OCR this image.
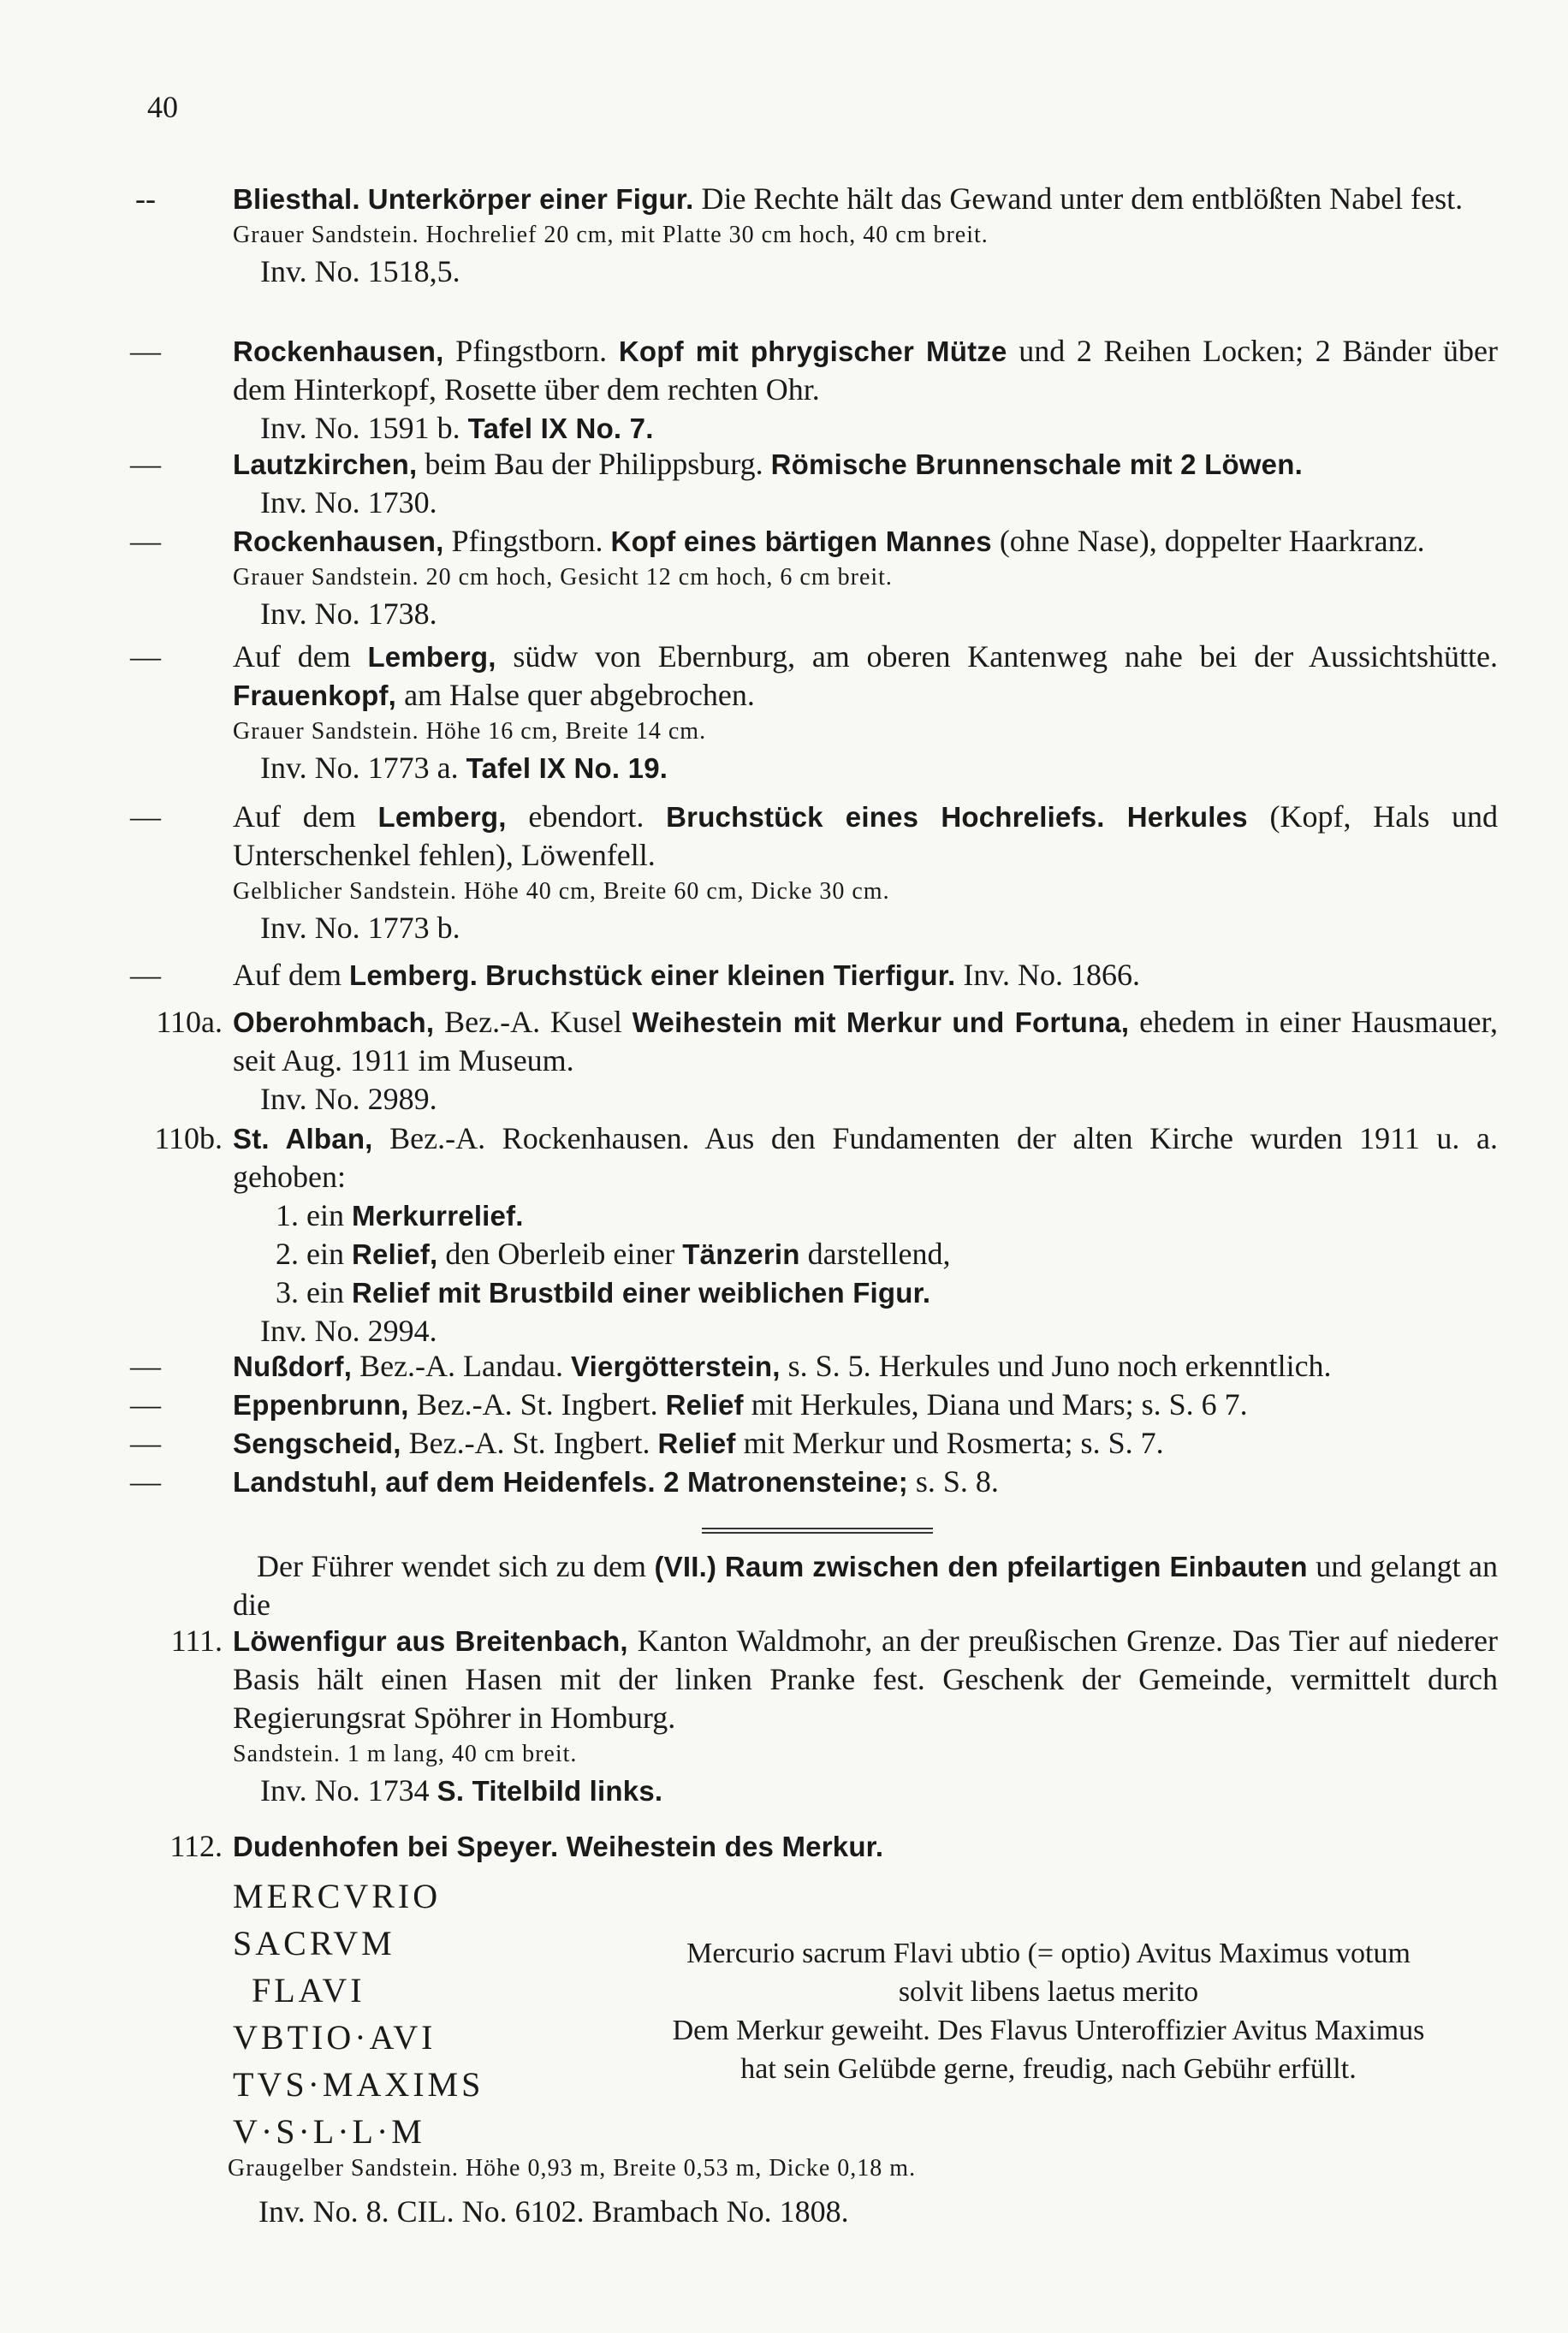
40
--	Bliesthal. Unterkörper einer Figur. Die Rechte hält das Gewand unter dem entblößten Nabel fest.
Grauer Sandstein. Hochrelief 20 cm, mit Platte 30 cm hoch, 40 cm breit.
Inv. No. 1518,5.
—	Rockenhausen, Pfingstborn. Kopf mit phrygischer Mütze und 2 Reihen Locken; 2 Bänder über dem Hinterkopf, Rosette über dem rechten Ohr.
Inv. No. 1591 b. Tafel IX No. 7.
—	Lautzkirchen, beim Bau der Philippsburg. Römische Brunnenschale mit 2 Löwen.
Inv. No. 1730.
—	Rockenhausen, Pfingstborn. Kopf eines bärtigen Mannes (ohne Nase), doppelter Haarkranz.
Grauer Sandstein. 20 cm hoch, Gesicht 12 cm hoch, 6 cm breit.
Inv. No. 1738.
—	Auf dem Lemberg, südw von Ebernburg, am oberen Kantenweg nahe bei der Aussichtshütte. Frauenkopf, am Halse quer abgebrochen.
Grauer Sandstein. Höhe 16 cm, Breite 14 cm.
Inv. No. 1773 a. Tafel IX No. 19.
—	Auf dem Lemberg, ebendort. Bruchstück eines Hochreliefs. Herkules (Kopf, Hals und Unterschenkel fehlen), Löwenfell.
Gelblicher Sandstein. Höhe 40 cm, Breite 60 cm, Dicke 30 cm.
Inv. No. 1773 b.
—	Auf dem Lemberg. Bruchstück einer kleinen Tierfigur. Inv. No. 1866.
110a. Oberohmbach, Bez.-A. Kusel Weihestein mit Merkur und Fortuna, ehedem in einer Hausmauer, seit Aug. 1911 im Museum.
Inv. No. 2989.
110b. St. Alban, Bez.-A. Rockenhausen. Aus den Fundamenten der alten Kirche wurden 1911 u. a. gehoben:
1. ein Merkurrelief.
2. ein Relief, den Oberleib einer Tänzerin darstellend,
3. ein Relief mit Brustbild einer weiblichen Figur.
Inv. No. 2994.
—	Nußdorf, Bez.-A. Landau. Viergötterstein, s. S. 5. Herkules und Juno noch erkenntlich.
—	Eppenbrunn, Bez.-A. St. Ingbert. Relief mit Herkules, Diana und Mars; s. S. 6 7.
—	Sengscheid, Bez.-A. St. Ingbert. Relief mit Merkur und Rosmerta; s. S. 7.
—	Landstuhl, auf dem Heidenfels. 2 Matronensteine; s. S. 8.
Der Führer wendet sich zu dem (VII.) Raum zwischen den pfeilartigen Einbauten und gelangt an die
111. Löwenfigur aus Breitenbach, Kanton Waldmohr, an der preußischen Grenze. Das Tier auf niederer Basis hält einen Hasen mit der linken Pranke fest. Geschenk der Gemeinde, vermittelt durch Regierungsrat Spöhrer in Homburg.
Sandstein. 1 m lang, 40 cm breit.
Inv. No. 1734 S. Titelbild links.
112. Dudenhofen bei Speyer. Weihestein des Merkur.
MERCVRIO
SACRVM
FLAVI
VBTIO·AVI
TVS·MAXIMS
V·S·L·L·M
Mercurio sacrum Flavi ubtio (= optio) Avitus Maximus votum
solvit libens laetus merito
Dem Merkur geweiht. Des Flavus Unteroffizier Avitus Maximus
hat sein Gelübde gerne, freudig, nach Gebühr erfüllt.
Graugelber Sandstein. Höhe 0,93 m, Breite 0,53 m, Dicke 0,18 m.
Inv. No. 8. CIL. No. 6102. Brambach No. 1808.
